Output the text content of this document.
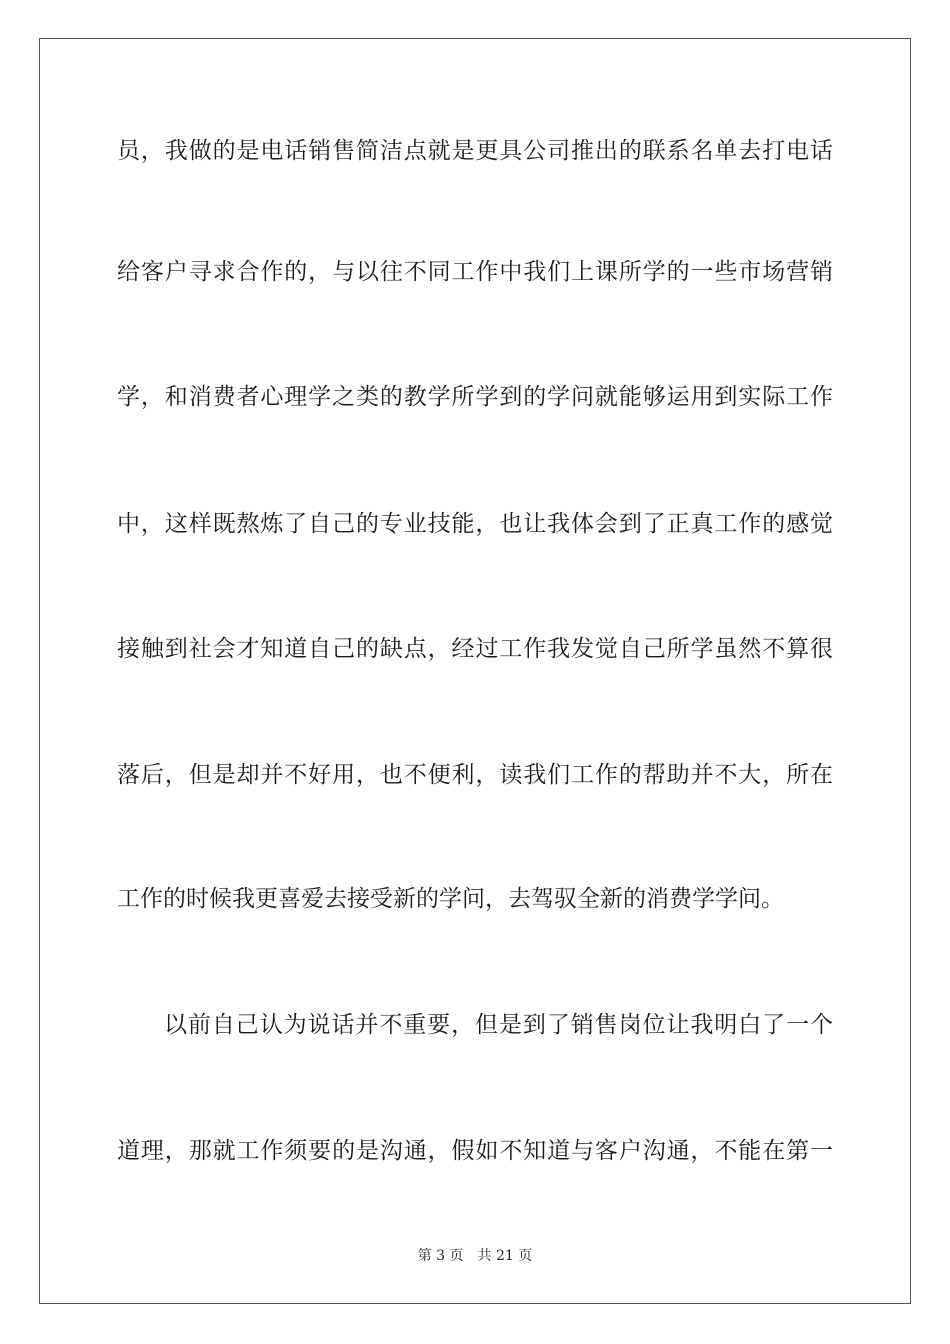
员，我做的是电话销售简洁点就是更具公司推出的联系名单去打电话
给客户寻求合作的，与以往不同工作中我们上课所学的一些市场营销
学，和消费者心理学之类的教学所学到的学问就能够运用到实际工作
中，这样既熬炼了自己的专业技能，也让我体会到了正真工作的感觉
接触到社会才知道自己的缺点，经过工作我发觉自己所学虽然不算很
落后，但是却并不好用，也不便利，读我们工作的帮助并不大，所在
工作的时候我更喜爱去接受新的学问，去驾驭全新的消费学学问。
以前自己认为说话并不重要，但是到了销售岗位让我明白了一个
道理，那就工作须要的是沟通，假如不知道与客户沟通，不能在第一
第 3 页 共 21 页
